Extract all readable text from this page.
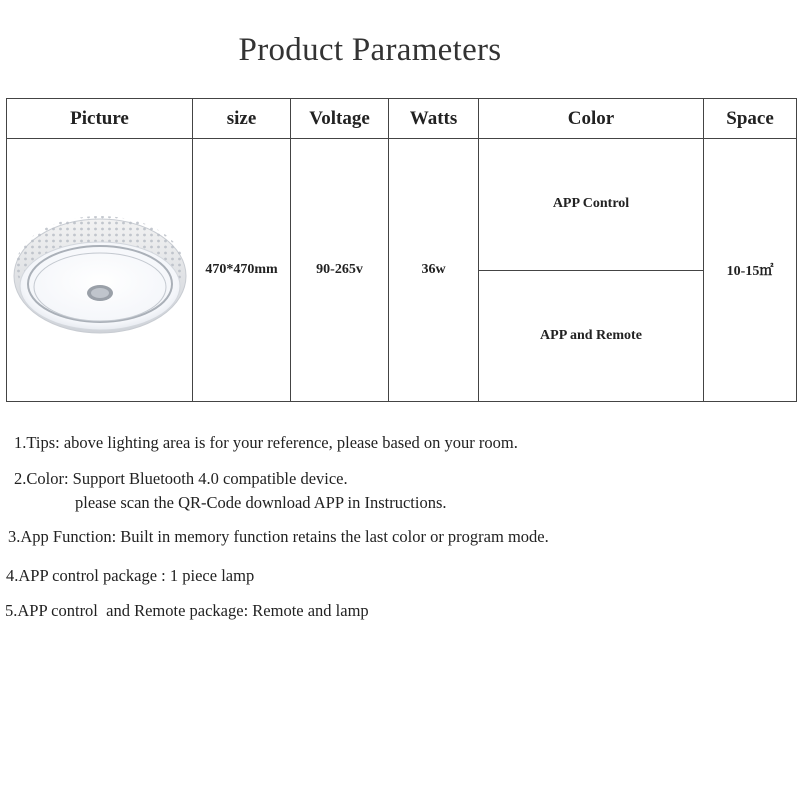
Product Parameters
Picture	size	Voltage	Watts	Color	Space

	470*470mm	90-265v	36w	APP Control	10-15㎡
				APP and Remote	
1.Tips: above lighting area is for your reference, please based on your room.
2.Color: Support Bluetooth 4.0 compatible device.
please scan the QR-Code download APP in Instructions.
3.App Function: Built in memory function retains the last color or program mode.
4.APP control package : 1 piece lamp
5.APP control  and Remote package: Remote and lamp
